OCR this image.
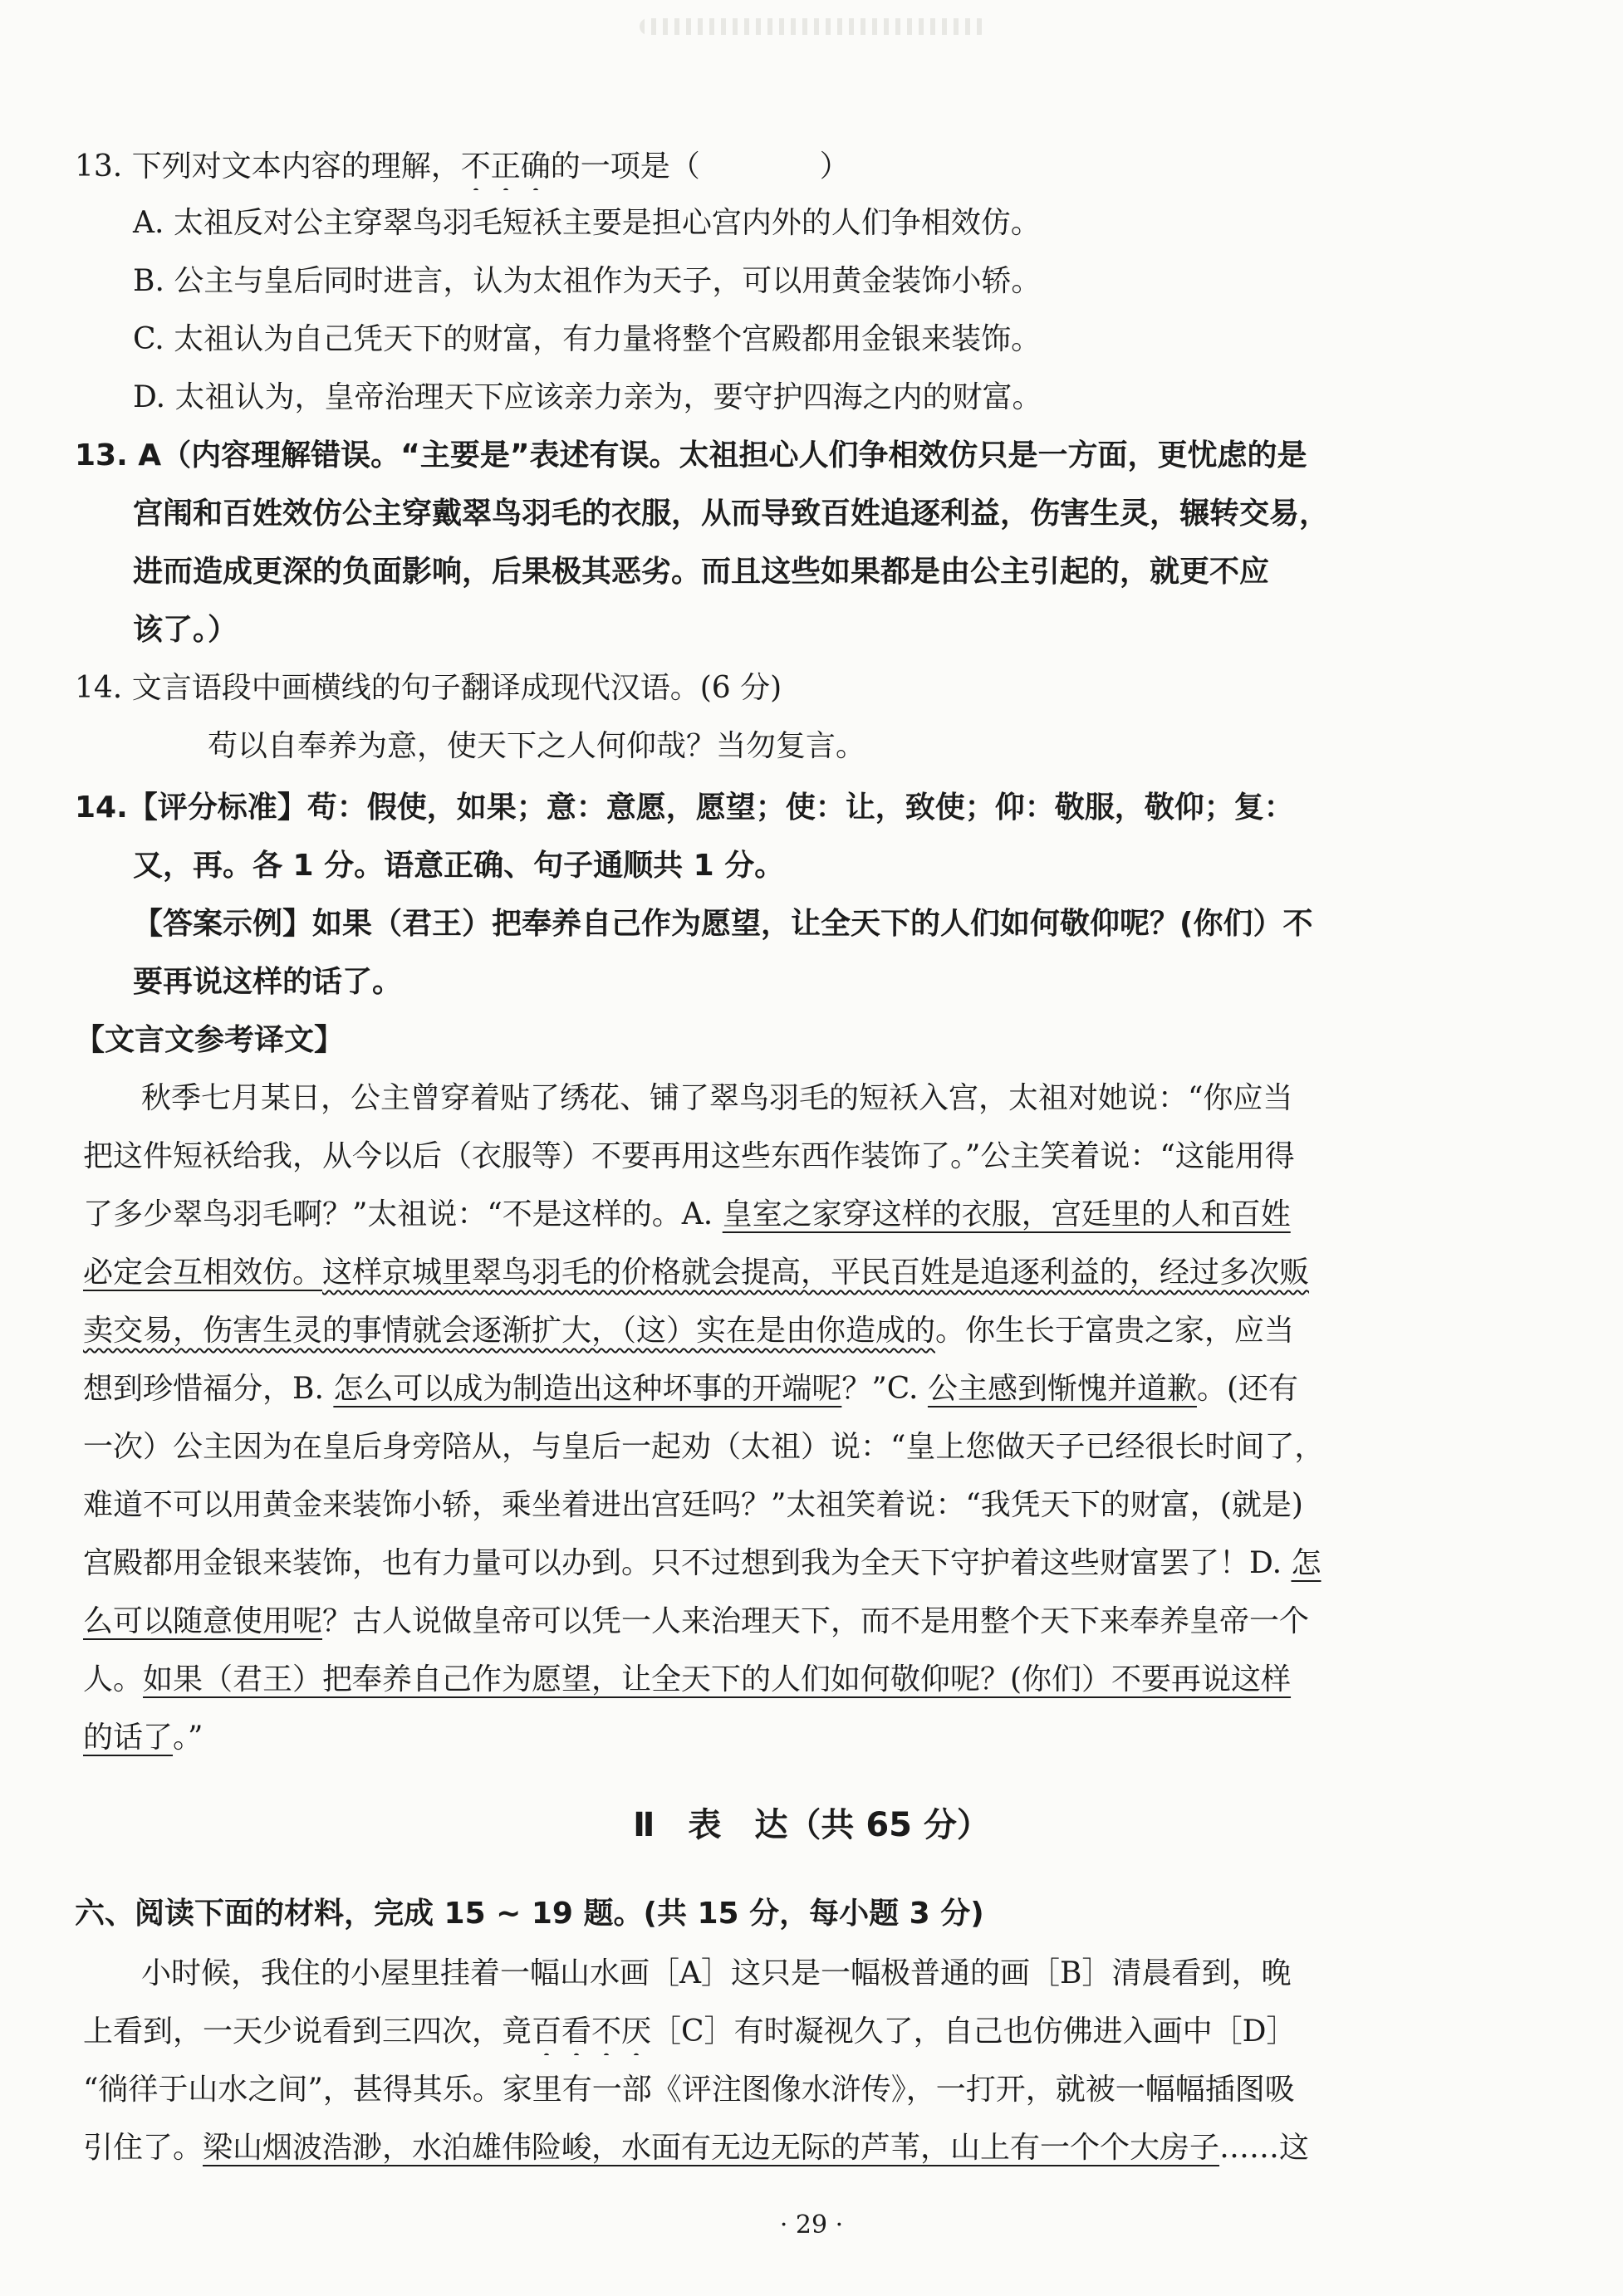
13. 下列对文本内容的理解，不正确的一项是（　　　　）
A. 太祖反对公主穿翠鸟羽毛短袄主要是担心宫内外的人们争相效仿。
B. 公主与皇后同时进言，认为太祖作为天子，可以用黄金装饰小轿。
C. 太祖认为自己凭天下的财富，有力量将整个宫殿都用金银来装饰。
D. 太祖认为，皇帝治理天下应该亲力亲为，要守护四海之内的财富。
13. A（内容理解错误。“主要是”表述有误。太祖担心人们争相效仿只是一方面，更忧虑的是
宫闱和百姓效仿公主穿戴翠鸟羽毛的衣服，从而导致百姓追逐利益，伤害生灵，辗转交易，
进而造成更深的负面影响，后果极其恶劣。而且这些如果都是由公主引起的，就更不应
该了。）
14. 文言语段中画横线的句子翻译成现代汉语。(6 分)
苟以自奉养为意，使天下之人何仰哉？当勿复言。
14.【评分标准】苟：假使，如果；意：意愿，愿望；使：让，致使；仰：敬服，敬仰；复：
又，再。各 1 分。语意正确、句子通顺共 1 分。
【答案示例】如果（君王）把奉养自己作为愿望，让全天下的人们如何敬仰呢？(你们）不
要再说这样的话了。
【文言文参考译文】
秋季七月某日，公主曾穿着贴了绣花、铺了翠鸟羽毛的短袄入宫，太祖对她说：“你应当
把这件短袄给我，从今以后（衣服等）不要再用这些东西作装饰了。”公主笑着说：“这能用得
了多少翠鸟羽毛啊？”太祖说：“不是这样的。A. 皇室之家穿这样的衣服，宫廷里的人和百姓
必定会互相效仿。这样京城里翠鸟羽毛的价格就会提高，平民百姓是追逐利益的，经过多次贩
卖交易，伤害生灵的事情就会逐渐扩大，（这）实在是由你造成的。你生长于富贵之家，应当
想到珍惜福分，B. 怎么可以成为制造出这种坏事的开端呢？”C. 公主感到惭愧并道歉。(还有
一次）公主因为在皇后身旁陪从，与皇后一起劝（太祖）说：“皇上您做天子已经很长时间了，
难道不可以用黄金来装饰小轿，乘坐着进出宫廷吗？”太祖笑着说：“我凭天下的财富，(就是)
宫殿都用金银来装饰，也有力量可以办到。只不过想到我为全天下守护着这些财富罢了！D. 怎
么可以随意使用呢？古人说做皇帝可以凭一人来治理天下，而不是用整个天下来奉养皇帝一个
人。如果（君王）把奉养自己作为愿望，让全天下的人们如何敬仰呢？(你们）不要再说这样
的话了。”
Ⅱ　表　达（共 65 分）
六、阅读下面的材料，完成 15 ~ 19 题。(共 15 分，每小题 3 分)
小时候，我住的小屋里挂着一幅山水画［A］这只是一幅极普通的画［B］清晨看到，晚
上看到，一天少说看到三四次，竟百看不厌［C］有时凝视久了，自己也仿佛进入画中［D］
“徜徉于山水之间”，甚得其乐。家里有一部《评注图像水浒传》，一打开，就被一幅幅插图吸
引住了。梁山烟波浩渺，水泊雄伟险峻，水面有无边无际的芦苇，山上有一个个大房子……这
· 29 ·
